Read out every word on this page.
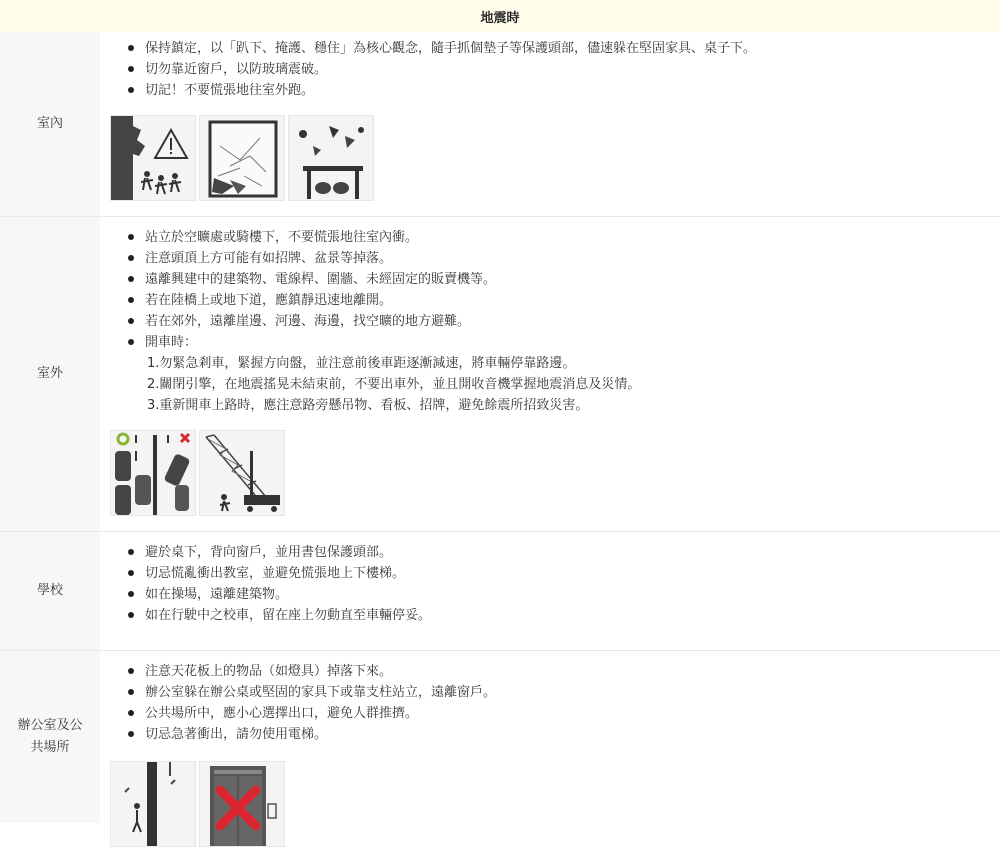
地震時
室內
保持鎮定，以「趴下、掩護、穩住」為核心觀念，隨手抓個墊子等保護頭部，儘速躲在堅固家具、桌子下。
切勿靠近窗戶，以防玻璃震破。
切記！不要慌張地往室外跑。
室外
站立於空曠處或騎樓下，不要慌張地往室內衝。
注意頭頂上方可能有如招牌、盆景等掉落。
遠離興建中的建築物、電線桿、圍牆、未經固定的販賣機等。
若在陸橋上或地下道，應鎮靜迅速地離開。
若在郊外，遠離崖邊、河邊、海邊，找空曠的地方避難。
開車時：
1.勿緊急剎車，緊握方向盤，並注意前後車距逐漸減速，將車輛停靠路邊。
2.關閉引擎，在地震搖晃未結束前，不要出車外，並且開收音機掌握地震消息及災情。
3.重新開車上路時，應注意路旁懸吊物、看板、招牌，避免餘震所招致災害。
學校
避於桌下，背向窗戶，並用書包保護頭部。
切忌慌亂衝出教室，並避免慌張地上下樓梯。
如在操場，遠離建築物。
如在行駛中之校車，留在座上勿動直至車輛停妥。
辦公室及公共場所
注意天花板上的物品（如燈具）掉落下來。
辦公室躲在辦公桌或堅固的家具下或靠支柱站立，遠離窗戶。
公共場所中，應小心選擇出口，避免人群推擠。
切忌急著衝出，請勿使用電梯。
